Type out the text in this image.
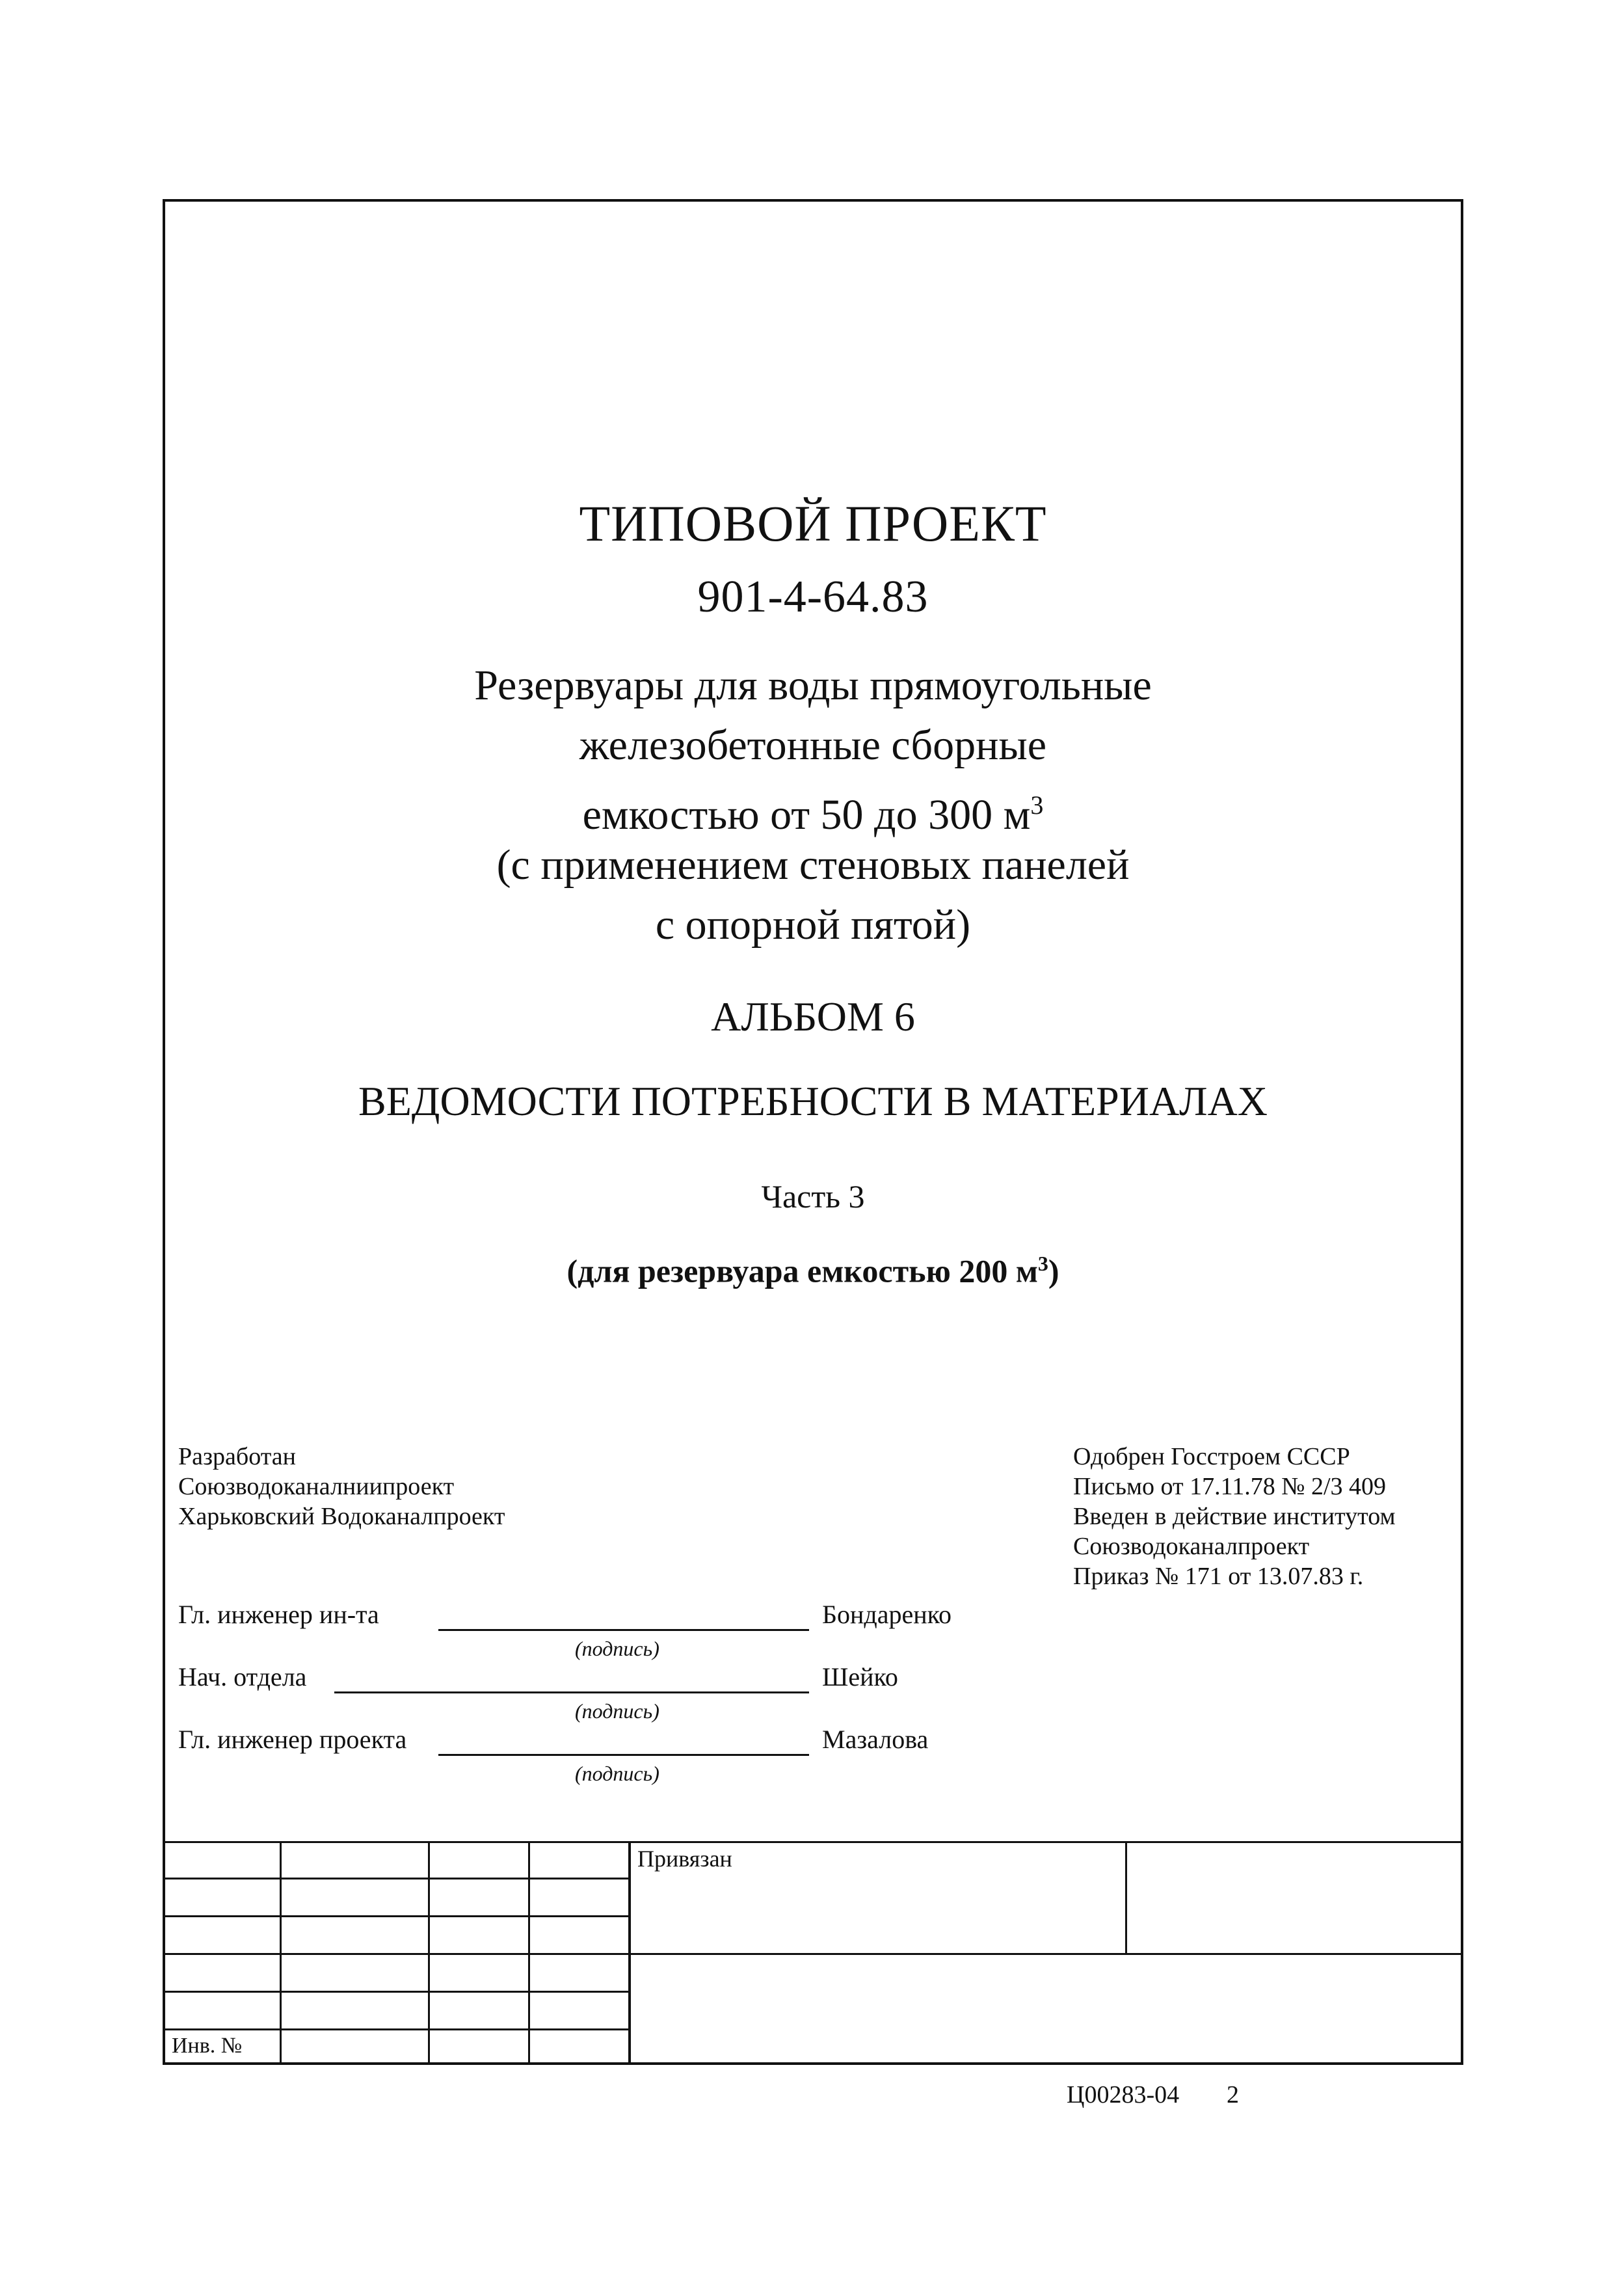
ТИПОВОЙ ПРОЕКТ
901-4-64.83
Резервуары для воды прямоугольные
железобетонные сборные
емкостью от 50 до 300 $м^3$
(с применением стеновых панелей
с опорной пятой)
АЛЬБОМ 6
ВЕДОМОСТИ ПОТРЕБНОСТИ В МАТЕРИАЛАХ
Часть 3
(для резервуара емкостью 200 $м^3$)
Разработан
Союзводоканалниипроект
Харьковский Водоканалпроект
Одобрен Госстроем СССР
Письмо от 17.11.78 № 2/3 409
Введен в действие институтом
Союзводоканалпроект
Приказ № 171 от 13.07.83 г.
Гл. инженер ин-та	Бондаренко
(подпись)
Нач. отдела	Шейко
(подпись)
Гл. инженер проекта	Мазалова
(подпись)
Привязан
Инв. №
Ц00283-04 2
